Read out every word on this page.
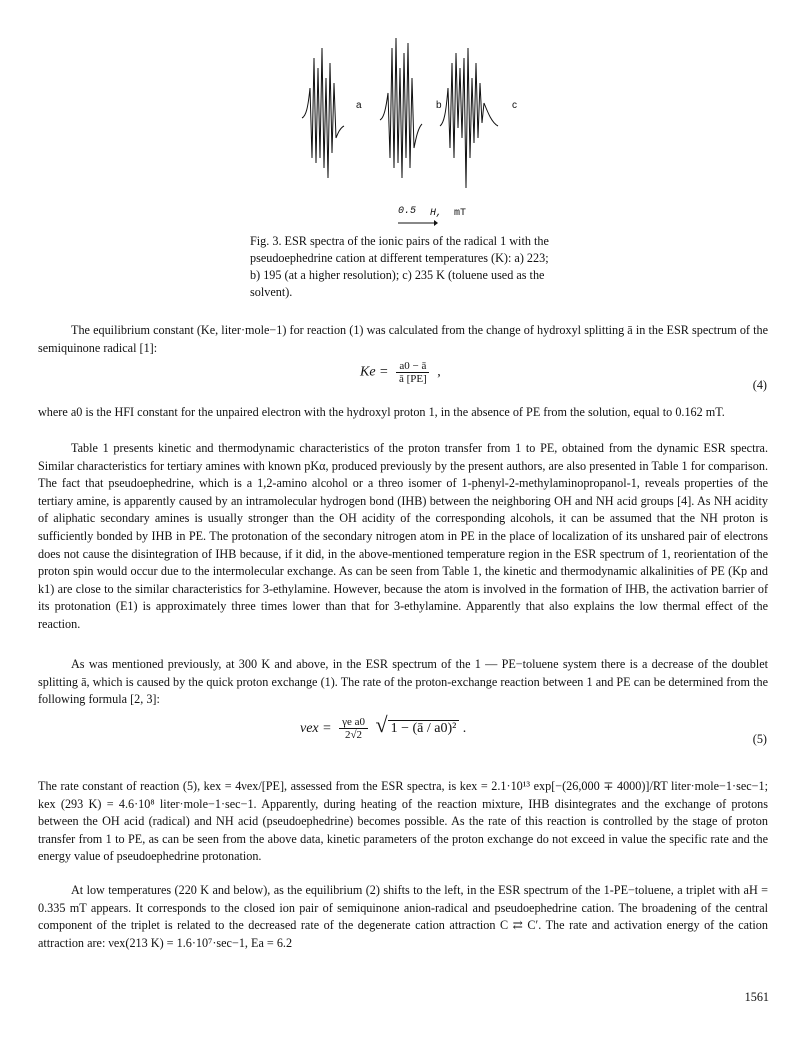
a	b	c
0.5 H, mT
Fig. 3. ESR spectra of the ionic pairs of the radical 1 with the pseudoephedrine cation at different temperatures (K): a) 223; b) 195 (at a higher resolution); c) 235 K (toluene used as the solvent).
The equilibrium constant (Ke, liter·mole−1) for reaction (1) was calculated from the change of hydroxyl splitting ā in the ESR spectrum of the semiquinone radical [1]:
$Ke = \frac{a0 - ā}{ā [PE]}$ ,
(4)
where a0 is the HFI constant for the unpaired electron with the hydroxyl proton 1, in the absence of PE from the solution, equal to 0.162 mT.
Table 1 presents kinetic and thermodynamic characteristics of the proton transfer from 1 to PE, obtained from the dynamic ESR spectra. Similar characteristics for tertiary amines with known pKα, produced previously by the present authors, are also presented in Table 1 for comparison. The fact that pseudoephedrine, which is a 1,2-amino alcohol or a threo isomer of 1-phenyl-2-methylaminopropanol-1, reveals properties of the tertiary amine, is apparently caused by an intramolecular hydrogen bond (IHB) between the neighboring OH and NH acid groups [4]. As NH acidity of aliphatic secondary amines is usually stronger than the OH acidity of the corresponding alcohols, it can be assumed that the NH proton is sufficiently bonded by IHB in PE. The protonation of the secondary nitrogen atom in PE in the place of localization of its unshared pair of electrons does not cause the disintegration of IHB because, if it did, in the above-mentioned temperature region in the ESR spectrum of 1, reorientation of the proton spin would occur due to the intermolecular exchange. As can be seen from Table 1, the kinetic and thermodynamic alkalinities of PE (Kp and k1) are close to the similar characteristics for 3-ethylamine. However, because the atom is involved in the formation of IHB, the activation barrier of its protonation (E1) is approximately three times lower than that for 3-ethylamine. Apparently that also explains the low thermal effect of the reaction.
As was mentioned previously, at 300 K and above, in the ESR spectrum of the 1 — PE−toluene system there is a decrease of the doublet splitting ā, which is caused by the quick proton exchange (1). The rate of the proton-exchange reaction between 1 and PE can be determined from the following formula [2, 3]:
$\nu ex = \frac{\text{γe a0}}{2√2}$ √ 1 − (ā / a0)² .
(5)
The rate constant of reaction (5), kex = 4νex/[PE], assessed from the ESR spectra, is kex = 2.1·10¹³ exp[−(26,000 ∓ 4000)]/RT liter·mole−1·sec−1; kex (293 K) = 4.6·10⁸ liter·mole−1·sec−1. Apparently, during heating of the reaction mixture, IHB disintegrates and the exchange of protons between the OH acid (radical) and NH acid (pseudoephedrine) becomes possible. As the rate of this reaction is controlled by the stage of proton transfer from 1 to PE, as can be seen from the above data, kinetic parameters of the proton exchange do not exceed in value the specific rate and the energy value of pseudoephedrine protonation.
At low temperatures (220 K and below), as the equilibrium (2) shifts to the left, in the ESR spectrum of the 1-PE−toluene, a triplet with aH = 0.335 mT appears. It corresponds to the closed ion pair of semiquinone anion-radical and pseudoephedrine cation. The broadening of the central component of the triplet is related to the decreased rate of the degenerate cation attraction C ⇄ C′. The rate and activation energy of the cation attraction are: νex(213 K) = 1.6·10⁷·sec−1, Ea = 6.2
1561
